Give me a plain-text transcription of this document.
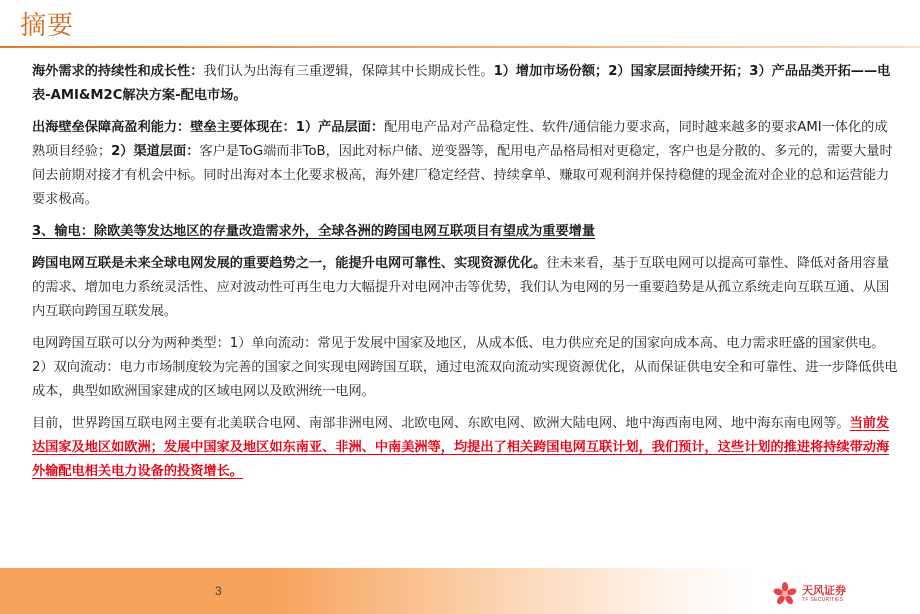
摘要

海外需求的持续性和成长性：我们认为出海有三重逻辑，保障其中长期成长性。1）增加市场份额；2）国家层面持续开拓；3）产品品类开拓——电表-AMI&M2C解决方案-配电市场。

出海壁垒保障高盈利能力：壁垒主要体现在：1）产品层面：配用电产品对产品稳定性、软件/通信能力要求高，同时越来越多的要求AMI一体化的成熟项目经验；2）渠道层面：客户是ToG端而非ToB，因此对标户储、逆变器等，配用电产品格局相对更稳定，客户也是分散的、多元的，需要大量时间去前期对接才有机会中标。同时出海对本土化要求极高，海外建厂稳定经营、持续拿单、赚取可观利润并保持稳健的现金流对企业的总和运营能力要求极高。

3、输电：除欧美等发达地区的存量改造需求外，全球各洲的跨国电网互联项目有望成为重要增量

跨国电网互联是未来全球电网发展的重要趋势之一，能提升电网可靠性、实现资源优化。往未来看，基于互联电网可以提高可靠性、降低对备用容量的需求、增加电力系统灵活性、应对波动性可再生电力大幅提升对电网冲击等优势，我们认为电网的另一重要趋势是从孤立系统走向互联互通、从国内互联向跨国互联发展。

电网跨国互联可以分为两种类型：1）单向流动：常见于发展中国家及地区，从成本低、电力供应充足的国家向成本高、电力需求旺盛的国家供电。2）双向流动：电力市场制度较为完善的国家之间实现电网跨国互联，通过电流双向流动实现资源优化，从而保证供电安全和可靠性、进一步降低供电成本，典型如欧洲国家建成的区域电网以及欧洲统一电网。

目前，世界跨国互联电网主要有北美联合电网、南部非洲电网、北欧电网、东欧电网、欧洲大陆电网、地中海西南电网、地中海东南电网等。当前发达国家及地区如欧洲；发展中国家及地区如东南亚、非洲、中南美洲等，均提出了相关跨国电网互联计划，我们预计，这些计划的推进将持续带动海外输配电相关电力设备的投资增长。

3	天风证券
TF SECURITIES
